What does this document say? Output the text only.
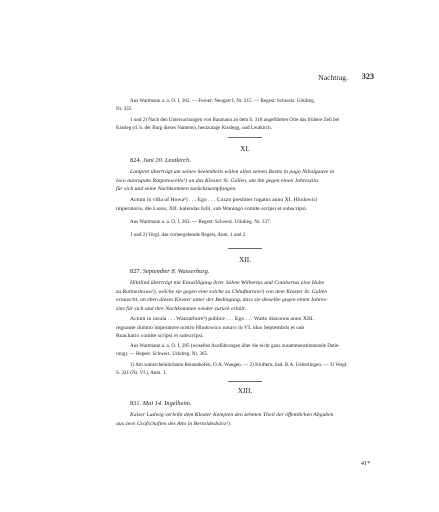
Nachtrag. 323

Aus Wartmann a. a. O. I, 262. — Ferner: Neugart I, Nr. 215. — Regest: Schweiz. Urkdreg.

Nr. 335.

1 und 2) Nach den Untersuchungen von Baumann an dem S. 318 angeführten Orte das frühere Zell bei

Kissleg (d. h. der Burg dieses Namens), heutzutage Kisslegg, und Leutkirch.

XI.
824. Juni 20. Leutkirch.

Lantpret überträgt um seines Seelenheils willen allen seinen Besitz in pago Nibalgauve in

loco nuncupato Ratpotescella¹) an das Kloster St. Gallen, um ihn gegen einen Jahreszins

für sich und seine Nachkommen zurückzuempfangen.

Actum in villa uf Howa²) . . . Ego . . . Cozzo presbiter rogatus anno XI. Hludowici

imperatoris, die Lunis, XII. kalendas Iulii, sub Waningo comite scripsi et subscripsi.

Aus Wartmann a. a. O. I, 263. — Regest: Schweiz. Urkdreg. Nr. 337.

1 und 2) Vergl. das vorhergehende Regest, Anm. 1 und 2.

XII.
827. September 8. Wasserburg.

Hiltilind überträgt mit Einwilligung ihrer Söhne Wilbertus und Cotabertus eine Hube

zu Ratineshowa¹), welche sie gegen eine solche zu Chhufturnon²) von dem Kloster St. Gallen

ertauscht, an eben dieses Kloster unter der Bedingung, dass sie dieselbe gegen einen Jahres-

zins für sich und ihre Nachkommen wieder zurück erhält.

Actum in insula . . . Wazzarbure³) publice . . . Ego . . . Watto diaconus anno XIII.

regnante domno imperatore nostro Hludowico notavi in VI. idus Septembris et sub

Ruachario comite scripsi et subscripsi.

Aus Wartmann a. a. O. I, 285 (woselbst Ausführungen über die nicht ganz zusammenstimmende Datie-

rung). — Regest: Schweiz. Urkdreg. Nr. 365.

1) Am wahrscheinlichsten Reinenhofen, O.A. Wangen. — 2) Kluftern, bad. B.A. Ueberlingen. — 3) Vergl.

S. 321 (Nr. VI.), Anm. 1.

XIII.
831. Mai 14. Ingelheim.

Kaiser Ludwig verleiht dem Kloster Kempten den zehnten Theil der öffentlichen Abgaben

aus zwei Grafschaften des Atto in Bertoldesbara¹).

41*
